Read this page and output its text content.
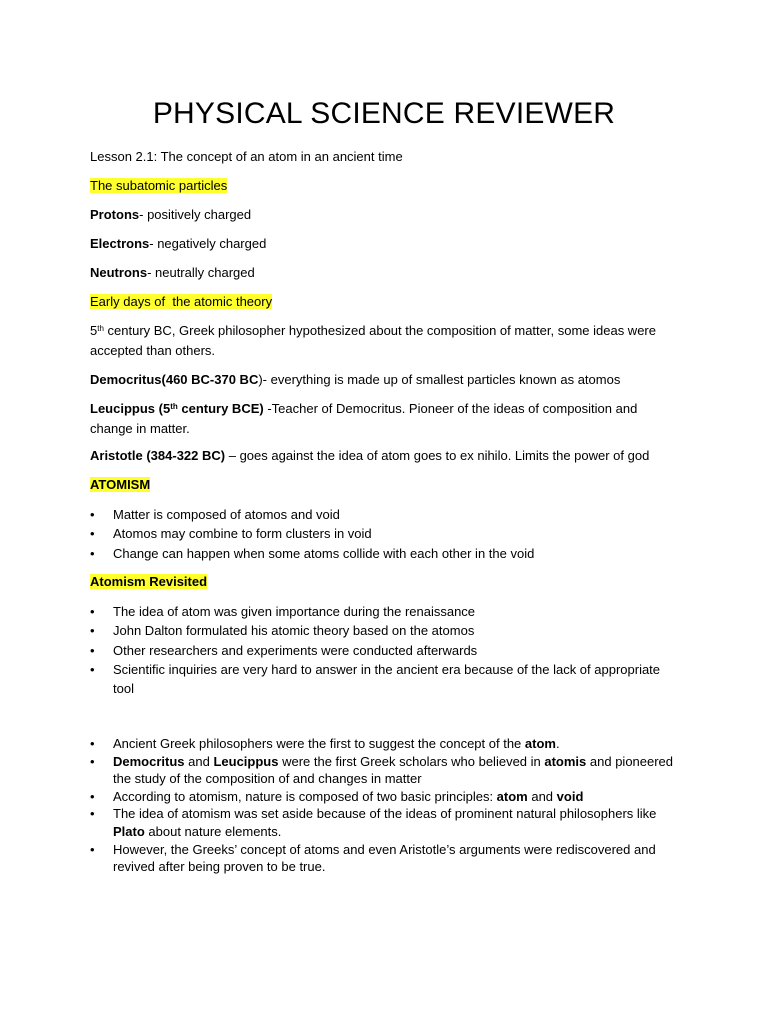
PHYSICAL SCIENCE REVIEWER
Lesson 2.1: The concept of an atom in an ancient time
The subatomic particles
Protons- positively charged
Electrons- negatively charged
Neutrons- neutrally charged
Early days of  the atomic theory
5th century BC, Greek philosopher hypothesized about the composition of matter, some ideas were accepted than others.
Democritus(460 BC-370 BC)- everything is made up of smallest particles known as atomos
Leucippus (5th century BCE) -Teacher of Democritus. Pioneer of the ideas of composition and change in matter.
Aristotle (384-322 BC) – goes against the idea of atom goes to ex nihilo. Limits the power of god
ATOMISM
• Matter is composed of atomos and void
• Atomos may combine to form clusters in void
• Change can happen when some atoms collide with each other in the void
Atomism Revisited
• The idea of atom was given importance during the renaissance
• John Dalton formulated his atomic theory based on the atomos
• Other researchers and experiments were conducted afterwards
• Scientific inquiries are very hard to answer in the ancient era because of the lack of appropriate tool
• Ancient Greek philosophers were the first to suggest the concept of the atom.
• Democritus and Leucippus were the first Greek scholars who believed in atomis and pioneered the study of the composition of and changes in matter
• According to atomism, nature is composed of two basic principles: atom and void
• The idea of atomism was set aside because of the ideas of prominent natural philosophers like Plato about nature elements.
• However, the Greeks’ concept of atoms and even Aristotle’s arguments were rediscovered and revived after being proven to be true.
